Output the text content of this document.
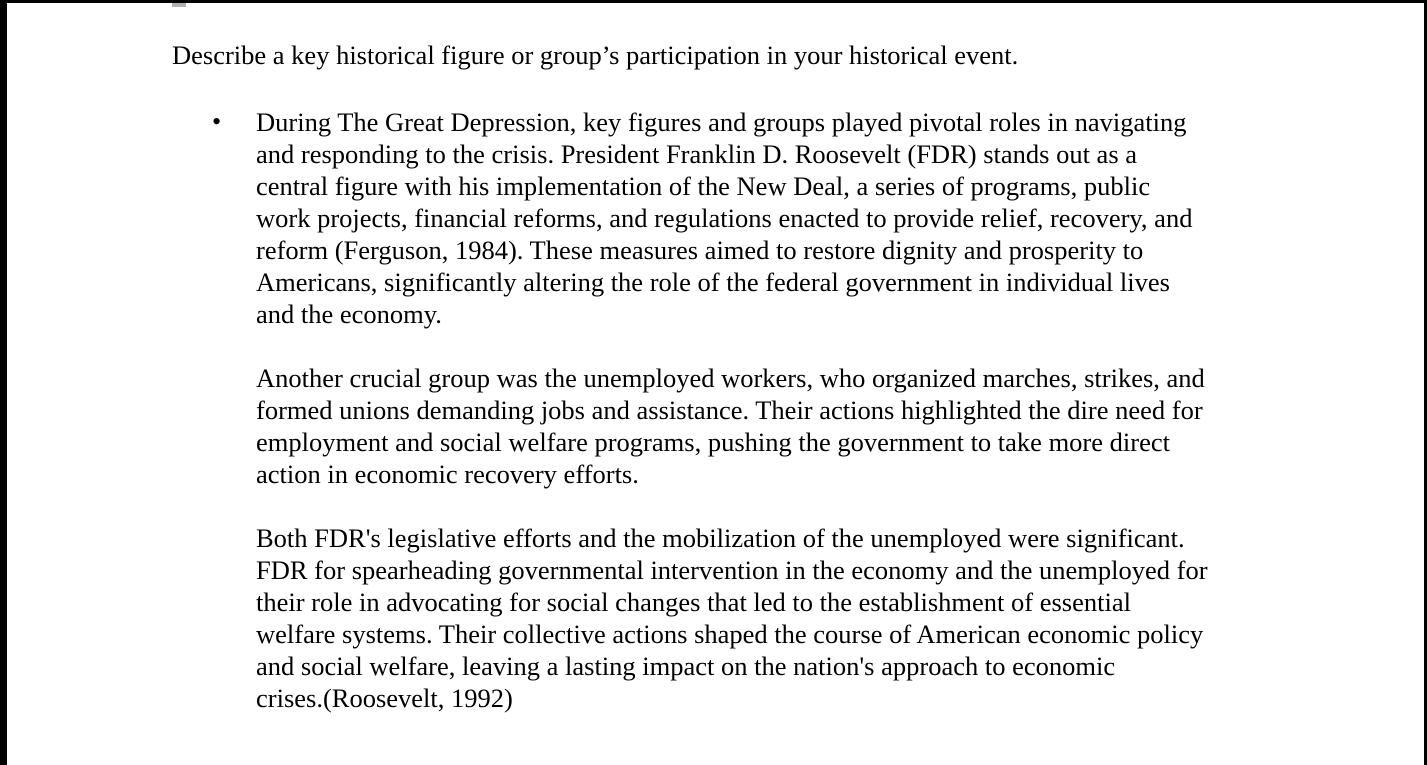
Describe a key historical figure or group’s participation in your historical event.

• During The Great Depression, key figures and groups played pivotal roles in navigating
and responding to the crisis. President Franklin D. Roosevelt (FDR) stands out as a
central figure with his implementation of the New Deal, a series of programs, public
work projects, financial reforms, and regulations enacted to provide relief, recovery, and
reform (Ferguson, 1984). These measures aimed to restore dignity and prosperity to
Americans, significantly altering the role of the federal government in individual lives
and the economy.

Another crucial group was the unemployed workers, who organized marches, strikes, and
formed unions demanding jobs and assistance. Their actions highlighted the dire need for
employment and social welfare programs, pushing the government to take more direct
action in economic recovery efforts.

Both FDR's legislative efforts and the mobilization of the unemployed were significant.
FDR for spearheading governmental intervention in the economy and the unemployed for
their role in advocating for social changes that led to the establishment of essential
welfare systems. Their collective actions shaped the course of American economic policy
and social welfare, leaving a lasting impact on the nation's approach to economic
crises.(Roosevelt, 1992)
